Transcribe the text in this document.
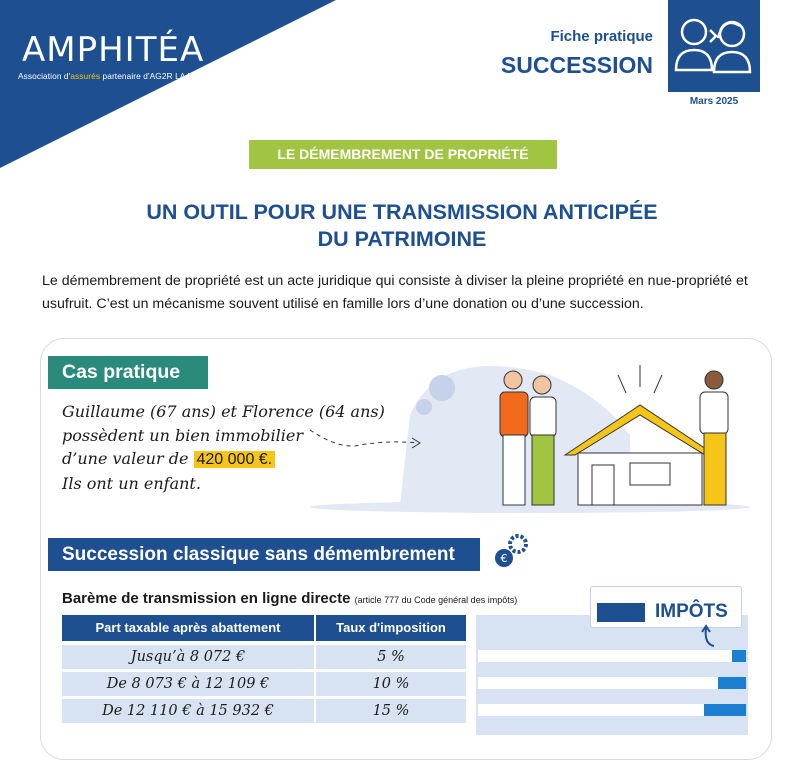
AMPHITÉA
Association d'assurés partenaire d'AG2R LA MONDIALE
Fiche pratique
SUCCESSION
Mars 2025
LE DÉMEMBREMENT DE PROPRIÉTÉ
UN OUTIL POUR UNE TRANSMISSION ANTICIPÉE
DU PATRIMOINE
Le démembrement de propriété est un acte juridique qui consiste à diviser la pleine propriété en nue-propriété et usufruit. C’est un mécanisme souvent utilisé en famille lors d’une donation ou d’une succession.
Cas pratique
Guillaume (67 ans) et Florence (64 ans)
possèdent un bien immobilier
d’une valeur de 420 000 €.
Ils ont un enfant.
Succession classique sans démembrement	€
Barème de transmission en ligne directe (article 777 du Code général des impôts)
Part taxable après abattement	Taux d'imposition
Jusqu’à 8 072 €	5 %
De 8 073 € à 12 109 €	10 %
De 12 110 € à 15 932 €	15 %
IMPÔTS
